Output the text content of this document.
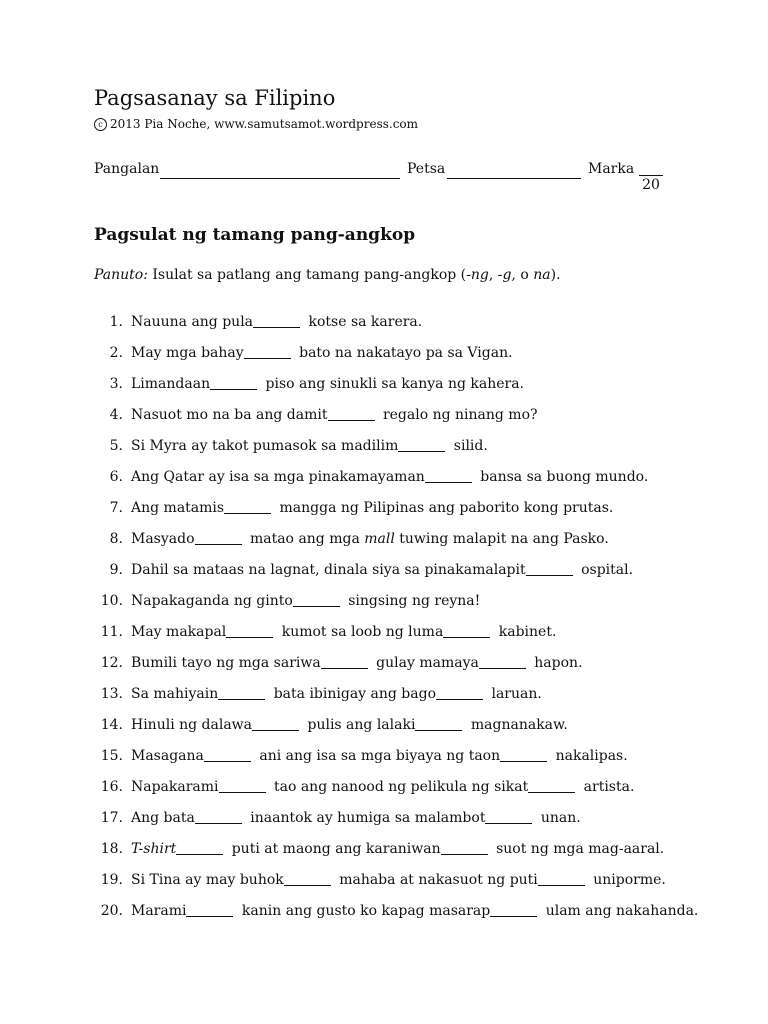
Pagsasanay sa Filipino
c 2013 Pia Noche, www.samutsamot.wordpress.com
Pangalan	Petsa	Marka
20
Pagsulat ng tamang pang-angkop
Panuto: Isulat sa patlang ang tamang pang-angkop (-ng, -g, o na).
1. Nauuna ang pula	kotse sa karera.
2. May mga bahay	bato na nakatayo pa sa Vigan.
3. Limandaan	piso ang sinukli sa kanya ng kahera.
4. Nasuot mo na ba ang damit	regalo ng ninang mo?
5. Si Myra ay takot pumasok sa madilim	silid.
6. Ang Qatar ay isa sa mga pinakamayaman	bansa sa buong mundo.
7. Ang matamis	mangga ng Pilipinas ang paborito kong prutas.
8. Masyado	matao ang mga mall tuwing malapit na ang Pasko.
9. Dahil sa mataas na lagnat, dinala siya sa pinakamalapit	ospital.
10. Napakaganda ng ginto	singsing ng reyna!
11. May makapal	kumot sa loob ng luma	kabinet.
12. Bumili tayo ng mga sariwa	gulay mamaya	hapon.
13. Sa mahiyain	bata ibinigay ang bago	laruan.
14. Hinuli ng dalawa	pulis ang lalaki	magnanakaw.
15. Masagana	ani ang isa sa mga biyaya ng taon	nakalipas.
16. Napakarami	tao ang nanood ng pelikula ng sikat	artista.
17. Ang bata	inaantok ay humiga sa malambot	unan.
18. T-shirt	puti at maong ang karaniwan	suot ng mga mag-aaral.
19. Si Tina ay may buhok	mahaba at nakasuot ng puti	uniporme.
20. Marami	kanin ang gusto ko kapag masarap	ulam ang nakahanda.
